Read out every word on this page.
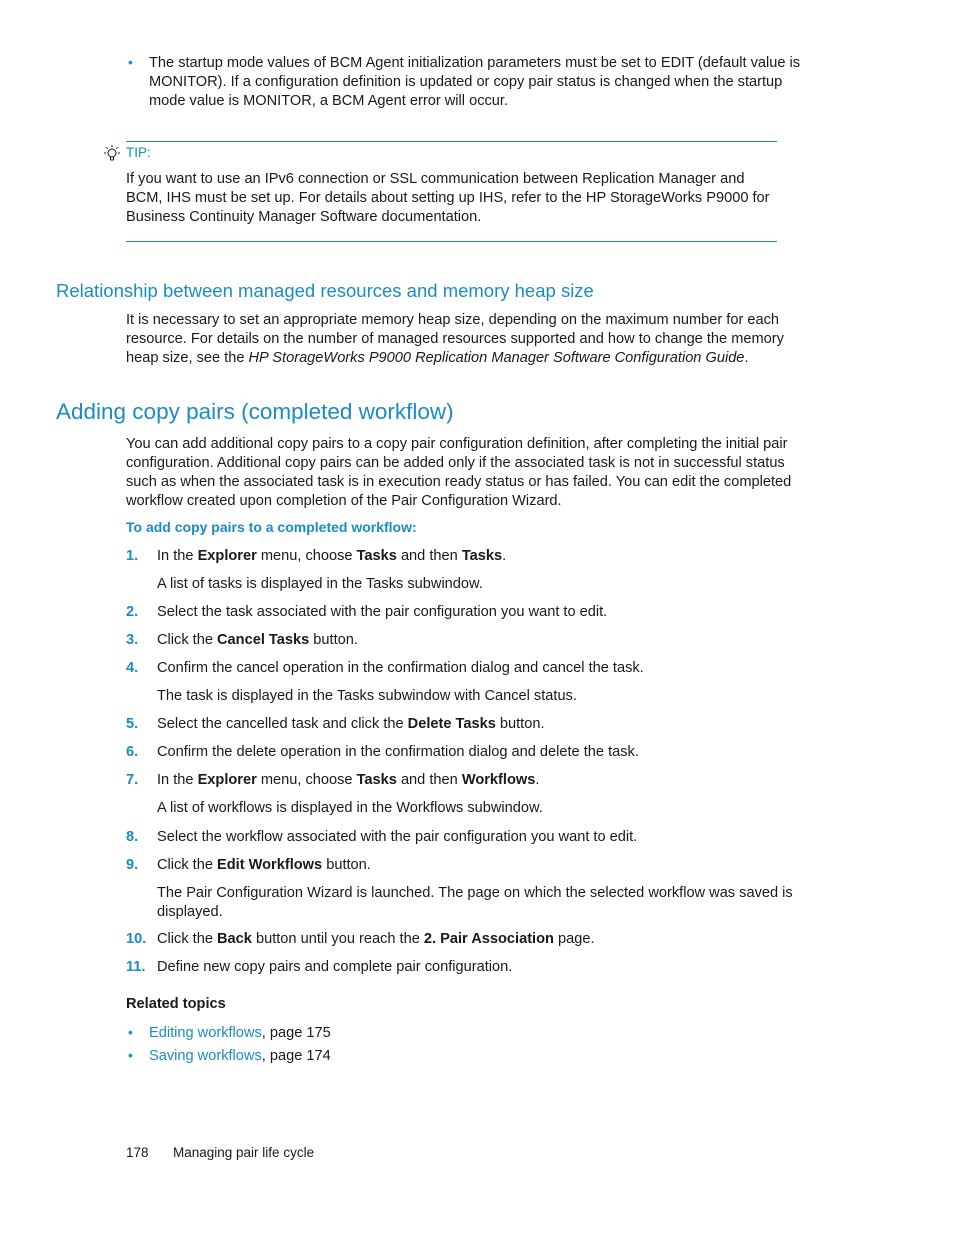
• The startup mode values of BCM Agent initialization parameters must be set to EDIT (default value is MONITOR). If a configuration definition is updated or copy pair status is changed when the startup mode value is MONITOR, a BCM Agent error will occur.
TIP:
If you want to use an IPv6 connection or SSL communication between Replication Manager and BCM, IHS must be set up. For details about setting up IHS, refer to the HP StorageWorks P9000 for Business Continuity Manager Software documentation.
Relationship between managed resources and memory heap size
It is necessary to set an appropriate memory heap size, depending on the maximum number for each resource. For details on the number of managed resources supported and how to change the memory heap size, see the HP StorageWorks P9000 Replication Manager Software Configuration Guide.
Adding copy pairs (completed workflow)
You can add additional copy pairs to a copy pair configuration definition, after completing the initial pair configuration. Additional copy pairs can be added only if the associated task is not in successful status such as when the associated task is in execution ready status or has failed. You can edit the completed workflow created upon completion of the Pair Configuration Wizard.
To add copy pairs to a completed workflow:
1. In the Explorer menu, choose Tasks and then Tasks.
A list of tasks is displayed in the Tasks subwindow.
2. Select the task associated with the pair configuration you want to edit.
3. Click the Cancel Tasks button.
4. Confirm the cancel operation in the confirmation dialog and cancel the task.
The task is displayed in the Tasks subwindow with Cancel status.
5. Select the cancelled task and click the Delete Tasks button.
6. Confirm the delete operation in the confirmation dialog and delete the task.
7. In the Explorer menu, choose Tasks and then Workflows.
A list of workflows is displayed in the Workflows subwindow.
8. Select the workflow associated with the pair configuration you want to edit.
9. Click the Edit Workflows button.
The Pair Configuration Wizard is launched. The page on which the selected workflow was saved is displayed.
10. Click the Back button until you reach the 2. Pair Association page.
11. Define new copy pairs and complete pair configuration.
Related topics
• Editing workflows, page 175
• Saving workflows, page 174
178 Managing pair life cycle
